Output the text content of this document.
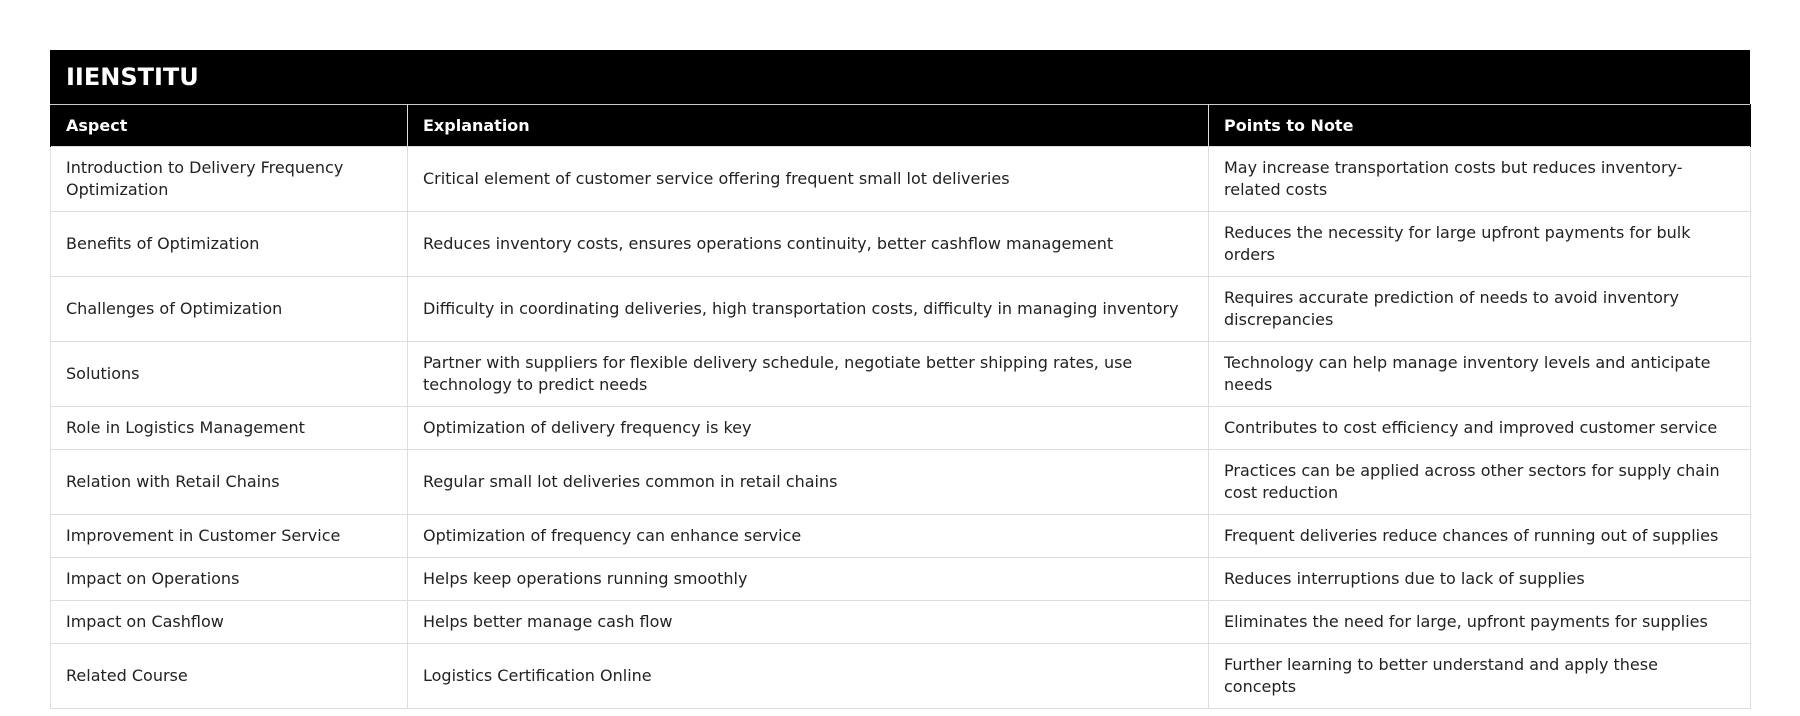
IIENSTITU
Aspect	Explanation	Points to Note
Introduction to Delivery Frequency Optimization	Critical element of customer service offering frequent small lot deliveries	May increase transportation costs but reduces inventory-related costs
Benefits of Optimization	Reduces inventory costs, ensures operations continuity, better cashflow management	Reduces the necessity for large upfront payments for bulk orders
Challenges of Optimization	Difficulty in coordinating deliveries, high transportation costs, difficulty in managing inventory	Requires accurate prediction of needs to avoid inventory discrepancies
Solutions	Partner with suppliers for flexible delivery schedule, negotiate better shipping rates, use technology to predict needs	Technology can help manage inventory levels and anticipate needs
Role in Logistics Management	Optimization of delivery frequency is key	Contributes to cost efficiency and improved customer service
Relation with Retail Chains	Regular small lot deliveries common in retail chains	Practices can be applied across other sectors for supply chain cost reduction
Improvement in Customer Service	Optimization of frequency can enhance service	Frequent deliveries reduce chances of running out of supplies
Impact on Operations	Helps keep operations running smoothly	Reduces interruptions due to lack of supplies
Impact on Cashflow	Helps better manage cash flow	Eliminates the need for large, upfront payments for supplies
Related Course	Logistics Certification Online	Further learning to better understand and apply these concepts
